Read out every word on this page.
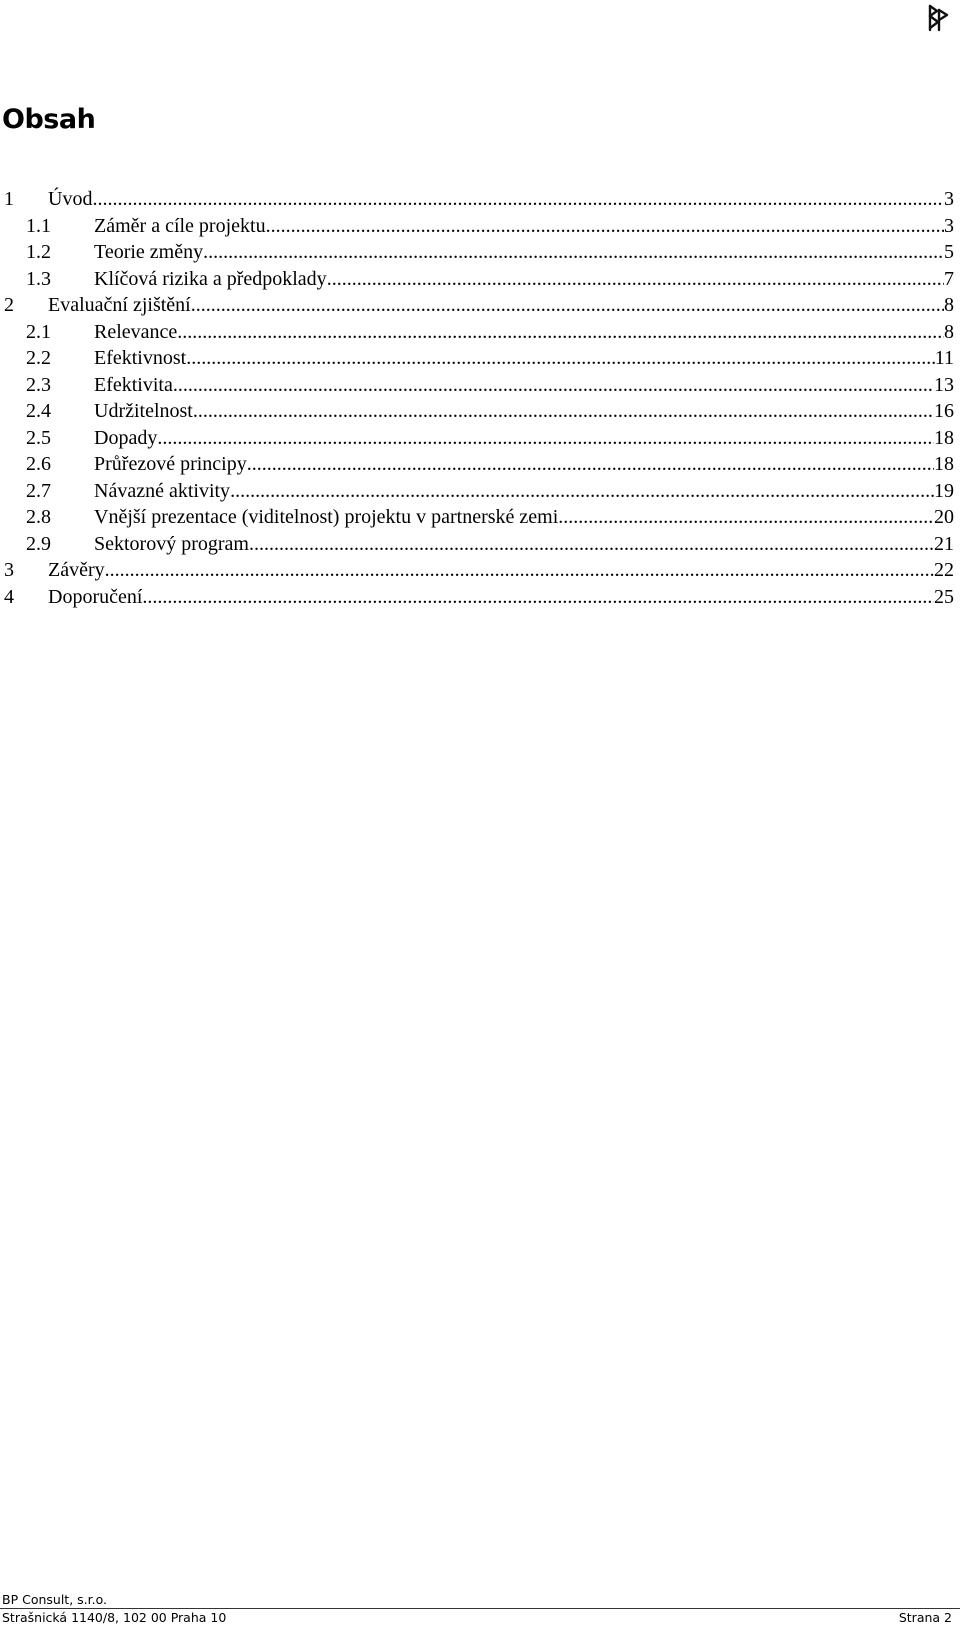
Obsah
1 Úvod .....	3
1.1 Záměr a cíle projektu .....	3
1.2 Teorie změny .....	5
1.3 Klíčová rizika a předpoklady .....	7
2 Evaluační zjištění .....	8
2.1 Relevance .....	8
2.2 Efektivnost .....	11
2.3 Efektivita .....	13
2.4 Udržitelnost .....	16
2.5 Dopady .....	18
2.6 Průřezové principy .....	18
2.7 Návazné aktivity .....	19
2.8 Vnější prezentace (viditelnost) projektu v partnerské zemi .....	20
2.9 Sektorový program .....	21
3 Závěry .....	22
4 Doporučení .....	25
BP Consult, s.r.o.
Strašnická 1140/8, 102 00 Praha 10	Strana 2
